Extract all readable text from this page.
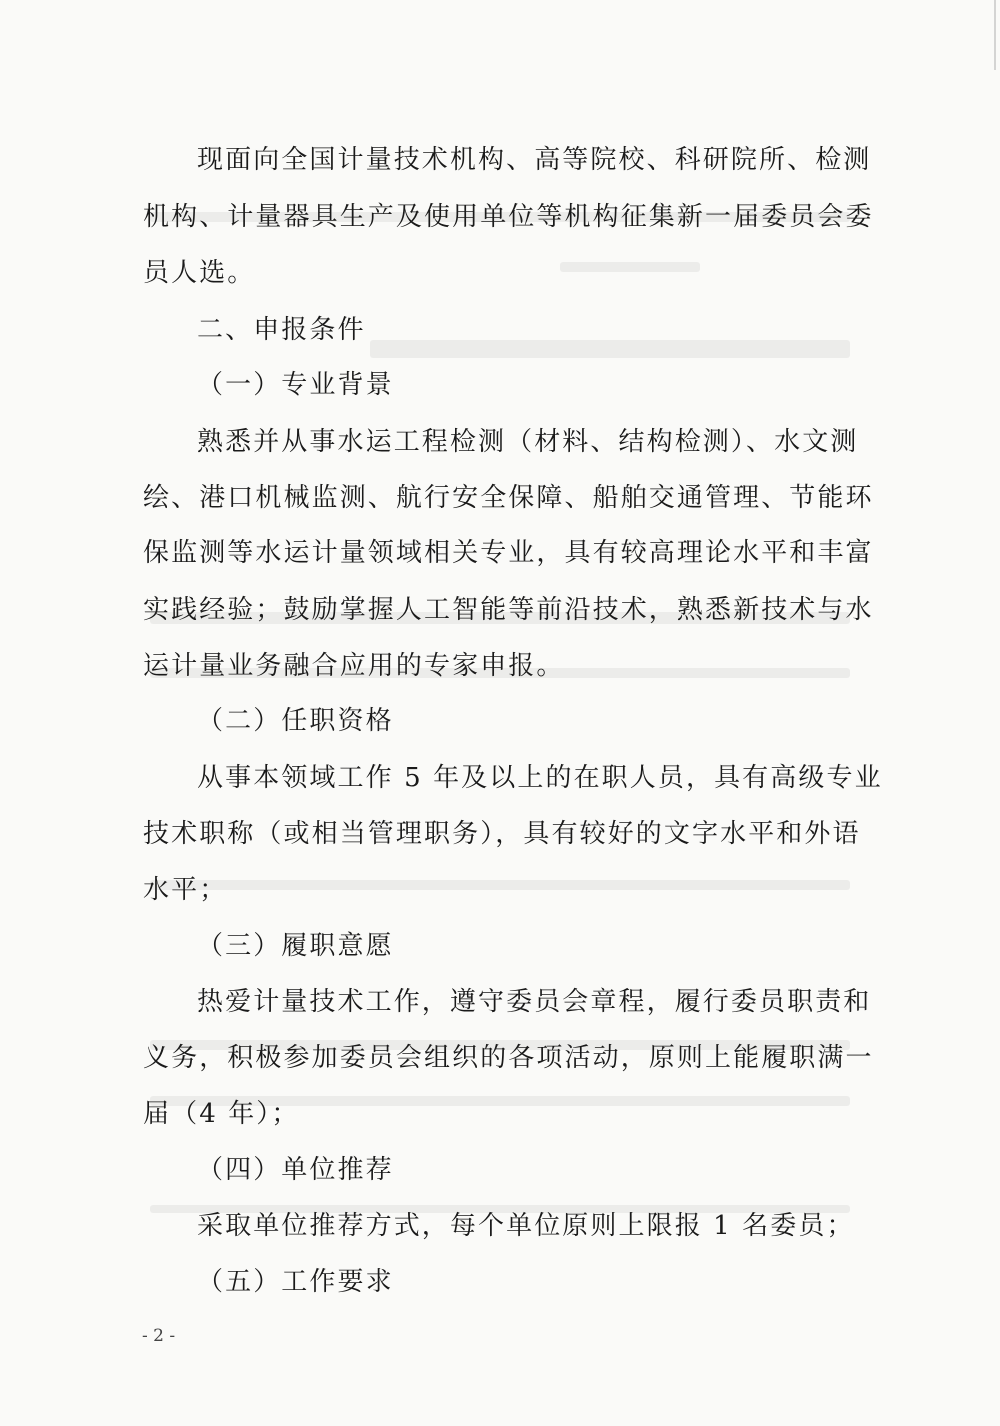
现面向全国计量技术机构、高等院校、科研院所、检测
机构、计量器具生产及使用单位等机构征集新一届委员会委
员人选。
二、申报条件
（一）专业背景
熟悉并从事水运工程检测（材料、结构检测）、水文测
绘、港口机械监测、航行安全保障、船舶交通管理、节能环
保监测等水运计量领域相关专业，具有较高理论水平和丰富
实践经验；鼓励掌握人工智能等前沿技术，熟悉新技术与水
运计量业务融合应用的专家申报。
（二）任职资格
从事本领域工作 5 年及以上的在职人员，具有高级专业
技术职称（或相当管理职务），具有较好的文字水平和外语
水平；
（三）履职意愿
热爱计量技术工作，遵守委员会章程，履行委员职责和
义务，积极参加委员会组织的各项活动，原则上能履职满一
届（4 年）；
（四）单位推荐
采取单位推荐方式，每个单位原则上限报 1 名委员；
（五）工作要求
- 2 -
